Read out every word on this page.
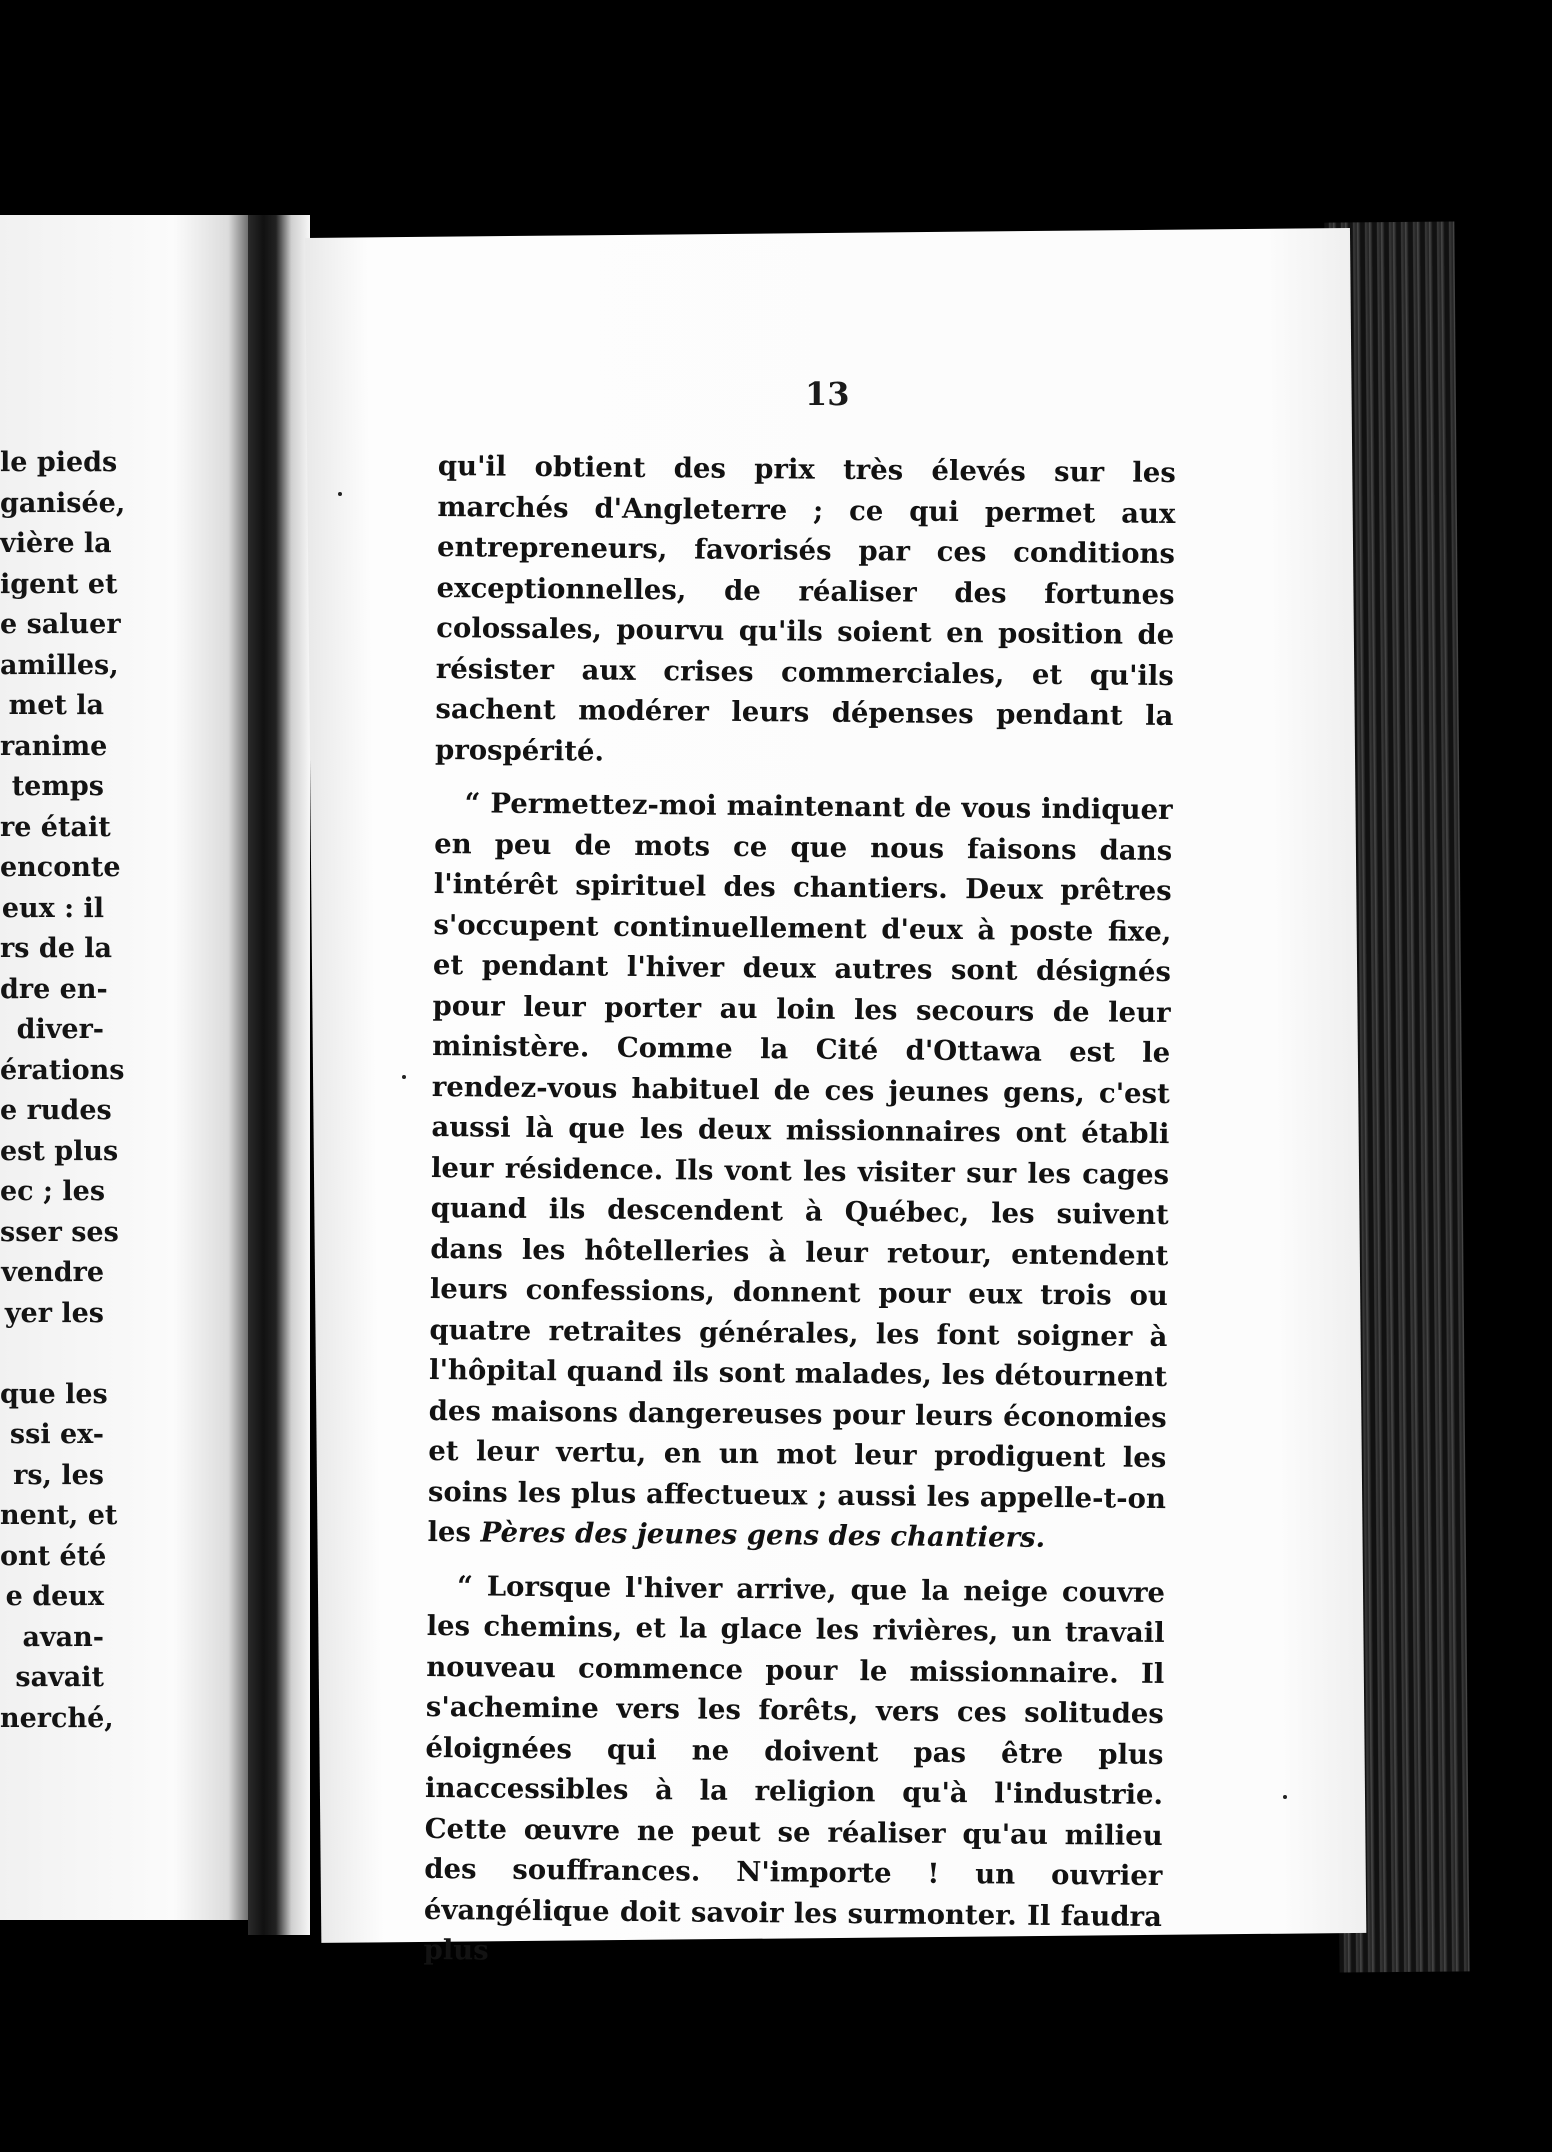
le pieds
ganisée,
vière la
igent et
e saluer
amilles,
met la
ranime
temps
re était
enconte
eux : il
rs de la
dre en-
diver-
érations
e rudes
est plus
ec ; les
sser ses
vendre
yer les
que les
ssi ex-
rs, les
nent, et
ont été
e deux
avan-
savait
nerché,
13

qu'il obtient des prix très élevés sur les marchés d'Angleterre ; ce qui permet aux entrepreneurs, favorisés par ces conditions exceptionnelles, de réaliser des fortunes colossales, pourvu qu'ils soient en position de résister aux crises commerciales, et qu'ils sachent modérer leurs dépenses pendant la prospérité.

“ Permettez-moi maintenant de vous indiquer en peu de mots ce que nous faisons dans l'intérêt spirituel des chantiers. Deux prêtres s'occupent continuellement d'eux à poste fixe, et pendant l'hiver deux autres sont désignés pour leur porter au loin les secours de leur ministère. Comme la Cité d'Ottawa est le rendez-vous habituel de ces jeunes gens, c'est aussi là que les deux missionnaires ont établi leur résidence. Ils vont les visiter sur les cages quand ils descendent à Québec, les suivent dans les hôtelleries à leur retour, entendent leurs confessions, donnent pour eux trois ou quatre retraites générales, les font soigner à l'hôpital quand ils sont malades, les détournent des maisons dangereuses pour leurs économies et leur vertu, en un mot leur prodiguent les soins les plus affectueux ; aussi les appelle-t-on les Pères des jeunes gens des chantiers.

“ Lorsque l'hiver arrive, que la neige couvre les chemins, et la glace les rivières, un travail nouveau commence pour le missionnaire. Il s'achemine vers les forêts, vers ces solitudes éloignées qui ne doivent pas être plus inaccessibles à la religion qu'à l'industrie. Cette œuvre ne peut se réaliser qu'au milieu des souffrances. N'importe ! un ouvrier évangélique doit savoir les surmonter. Il faudra plus
